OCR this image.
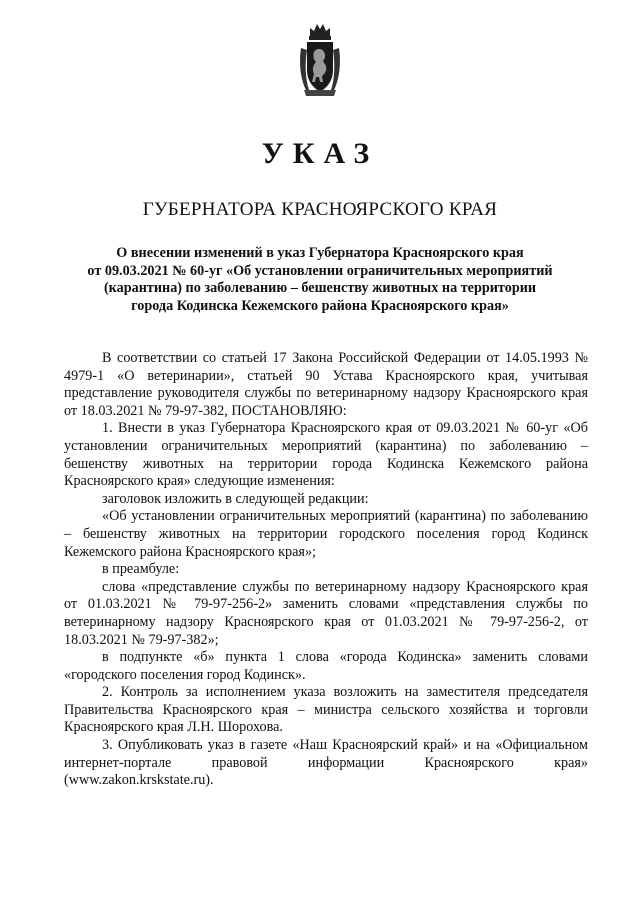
УКАЗ
ГУБЕРНАТОРА КРАСНОЯРСКОГО КРАЯ
О внесении изменений в указ Губернатора Красноярского края
от 09.03.2021 № 60-уг «Об установлении ограничительных мероприятий
(карантина) по заболеванию – бешенству животных на территории
города Кодинска Кежемского района Красноярского края»

В соответствии со статьей 17 Закона Российской Федерации от 14.05.1993 № 4979-1 «О ветеринарии», статьей 90 Устава Красноярского края, учитывая представление руководителя службы по ветеринарному надзору Красноярского края от 18.03.2021 № 79-97-382, ПОСТАНОВЛЯЮ:

1. Внести в указ Губернатора Красноярского края от 09.03.2021 № 60-уг «Об установлении ограничительных мероприятий (карантина) по заболеванию – бешенству животных на территории города Кодинска Кежемского района Красноярского края» следующие изменения:

заголовок изложить в следующей редакции:

«Об установлении ограничительных мероприятий (карантина) по заболеванию – бешенству животных на территории городского поселения город Кодинск Кежемского района Красноярского края»;

в преамбуле:

слова «представление службы по ветеринарному надзору Красноярского края от 01.03.2021 № 79-97-256-2» заменить словами «представления службы по ветеринарному надзору Красноярского края от 01.03.2021 № 79-97-256-2, от 18.03.2021 № 79-97-382»;

в подпункте «б» пункта 1 слова «города Кодинска» заменить словами «городского поселения город Кодинск».

2. Контроль за исполнением указа возложить на заместителя председателя Правительства Красноярского края – министра сельского хозяйства и торговли Красноярского края Л.Н. Шорохова.

3. Опубликовать указ в газете «Наш Красноярский край» и на «Официальном интернет-портале правовой информации Красноярского края» (www.zakon.krskstate.ru).
